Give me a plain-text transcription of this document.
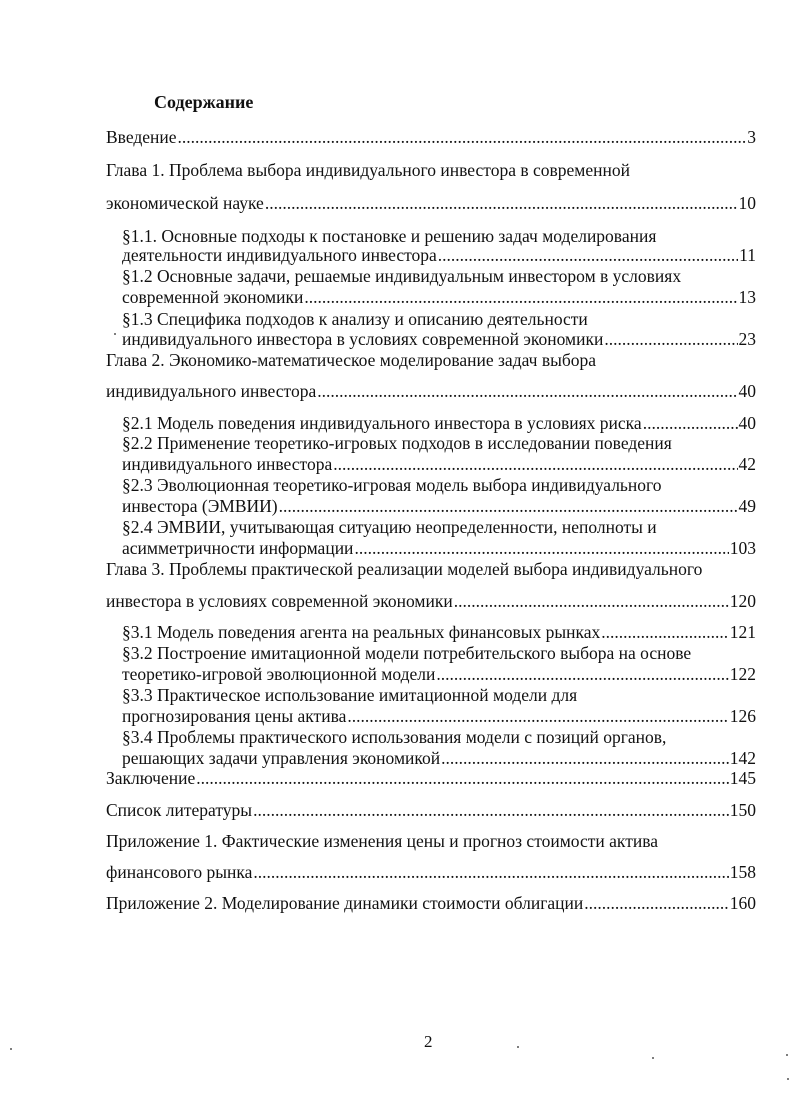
Содержание
Введение .....	3
Глава 1. Проблема выбора индивидуального инвестора в современной
экономической науке .....	10
§1.1. Основные подходы к постановке и решению задач моделирования
деятельности индивидуального инвестора .....	11
§1.2 Основные задачи, решаемые индивидуальным инвестором в условиях
современной экономики .....	13
§1.3 Специфика подходов к анализу и описанию деятельности
индивидуального инвестора в условиях современной экономики .....	23
Глава 2. Экономико-математическое моделирование задач выбора
индивидуального инвестора .....	40
§2.1 Модель поведения индивидуального инвестора в условиях риска .....	40
§2.2 Применение теоретико-игровых подходов в исследовании поведения
индивидуального инвестора .....	42
§2.3 Эволюционная теоретико-игровая модель выбора индивидуального
инвестора (ЭМВИИ) .....	49
§2.4 ЭМВИИ, учитывающая ситуацию неопределенности, неполноты и
асимметричности информации .....	103
Глава 3. Проблемы практической реализации моделей выбора индивидуального
инвестора в условиях современной экономики .....	120
§3.1 Модель поведения агента на реальных финансовых рынках .....	121
§3.2 Построение имитационной модели потребительского выбора на основе
теоретико-игровой эволюционной модели .....	122
§3.3 Практическое использование имитационной модели для
прогнозирования цены актива .....	126
§3.4 Проблемы практического использования модели с позиций органов,
решающих задачи управления экономикой .....	142
Заключение .....	145
Список литературы .....	150
Приложение 1. Фактические изменения цены и прогноз стоимости актива
финансового рынка .....	158
Приложение 2. Моделирование динамики стоимости облигации .....	160
2
